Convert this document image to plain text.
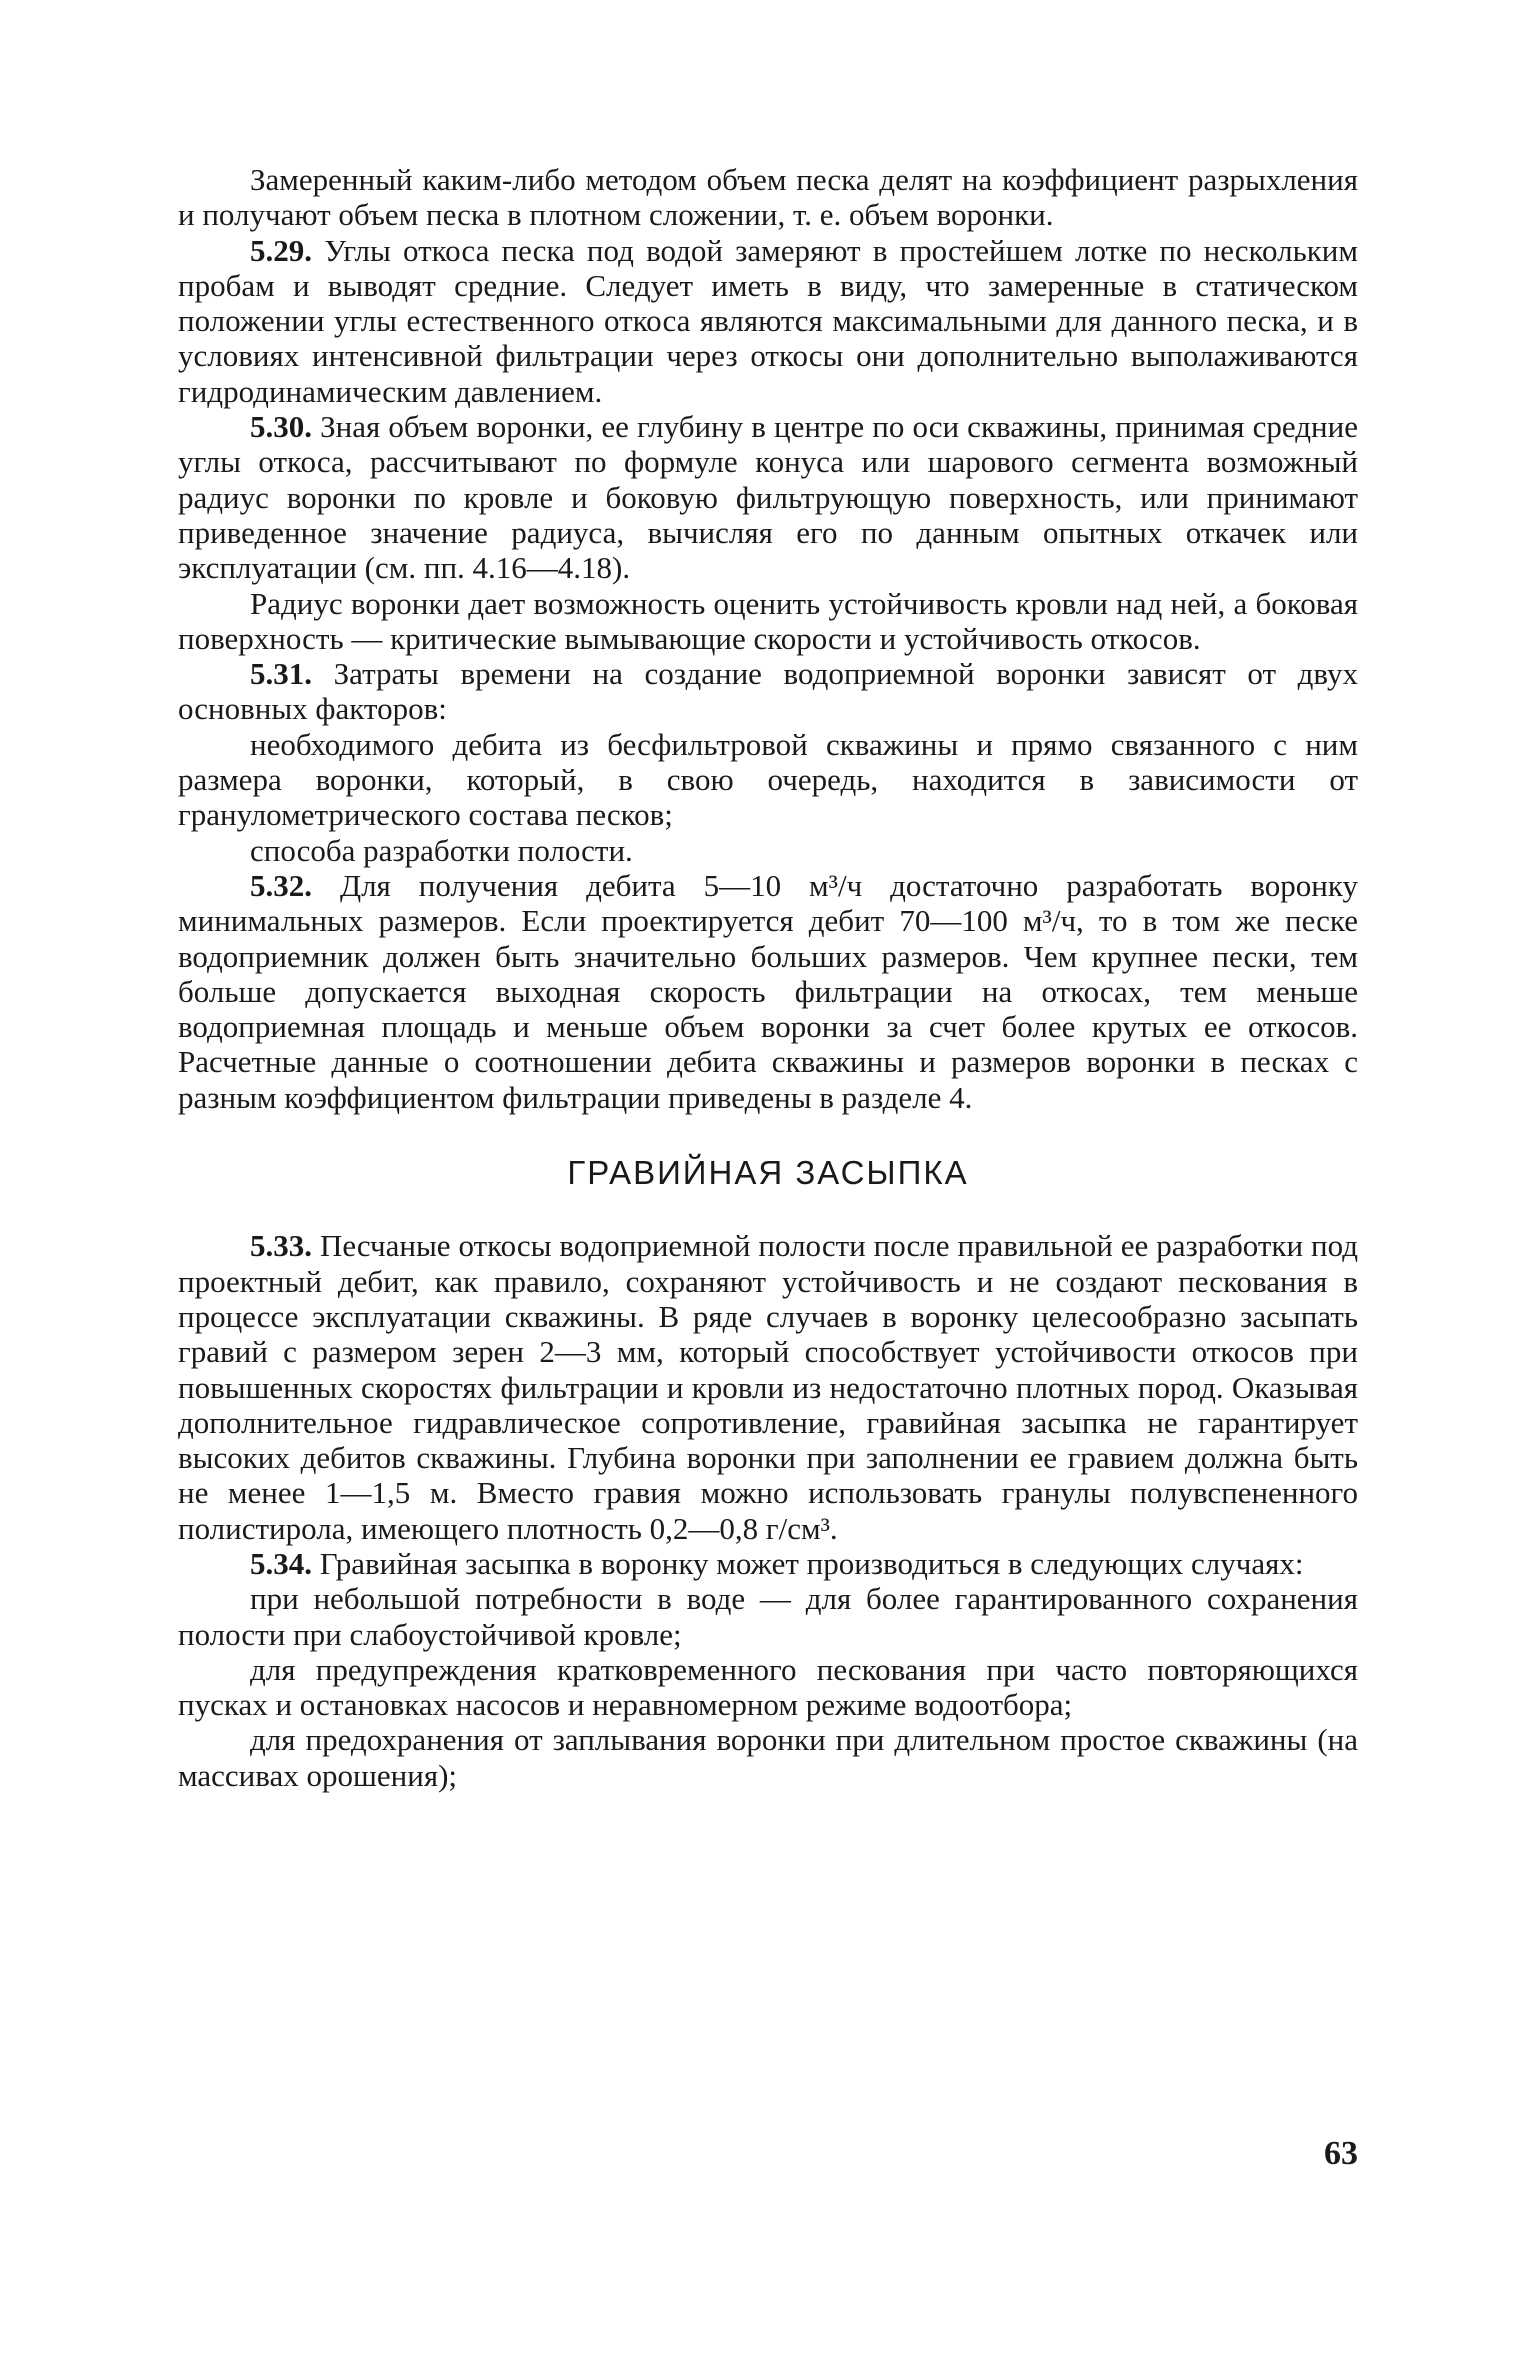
Замеренный каким-либо методом объем песка делят на коэффициент разрыхления и получают объем песка в плотном сложении, т. е. объем воронки.

5.29. Углы откоса песка под водой замеряют в простейшем лотке по нескольким пробам и выводят средние. Следует иметь в виду, что замеренные в статическом положении углы естественного откоса являются максимальными для данного песка, и в условиях интенсивной фильтрации через откосы они дополнительно выполаживаются гидродинамическим давлением.

5.30. Зная объем воронки, ее глубину в центре по оси скважины, принимая средние углы откоса, рассчитывают по формуле конуса или шарового сегмента возможный радиус воронки по кровле и боковую фильтрующую поверхность, или принимают приведенное значение радиуса, вычисляя его по данным опытных откачек или эксплуатации (см. пп. 4.16—4.18).

Радиус воронки дает возможность оценить устойчивость кровли над ней, а боковая поверхность — критические вымывающие скорости и устойчивость откосов.

5.31. Затраты времени на создание водоприемной воронки зависят от двух основных факторов:

необходимого дебита из бесфильтровой скважины и прямо связанного с ним размера воронки, который, в свою очередь, находится в зависимости от гранулометрического состава песков;

способа разработки полости.

5.32. Для получения дебита 5—10 м³/ч достаточно разработать воронку минимальных размеров. Если проектируется дебит 70—100 м³/ч, то в том же песке водоприемник должен быть значительно больших размеров. Чем крупнее пески, тем больше допускается выходная скорость фильтрации на откосах, тем меньше водоприемная площадь и меньше объем воронки за счет более крутых ее откосов. Расчетные данные о соотношении дебита скважины и размеров воронки в песках с разным коэффициентом фильтрации приведены в разделе 4.

ГРАВИЙНАЯ ЗАСЫПКА

5.33. Песчаные откосы водоприемной полости после правильной ее разработки под проектный дебит, как правило, сохраняют устойчивость и не создают пескования в процессе эксплуатации скважины. В ряде случаев в воронку целесообразно засыпать гравий с размером зерен 2—3 мм, который способствует устойчивости откосов при повышенных скоростях фильтрации и кровли из недостаточно плотных пород. Оказывая дополнительное гидравлическое сопротивление, гравийная засыпка не гарантирует высоких дебитов скважины. Глубина воронки при заполнении ее гравием должна быть не менее 1—1,5 м. Вместо гравия можно использовать гранулы полувспененного полистирола, имеющего плотность 0,2—0,8 г/см³.

5.34. Гравийная засыпка в воронку может производиться в следующих случаях:

при небольшой потребности в воде — для более гарантированного сохранения полости при слабоустойчивой кровле;

для предупреждения кратковременного пескования при часто повторяющихся пусках и остановках насосов и неравномерном режиме водоотбора;

для предохранения от заплывания воронки при длительном простое скважины (на массивах орошения);

63
